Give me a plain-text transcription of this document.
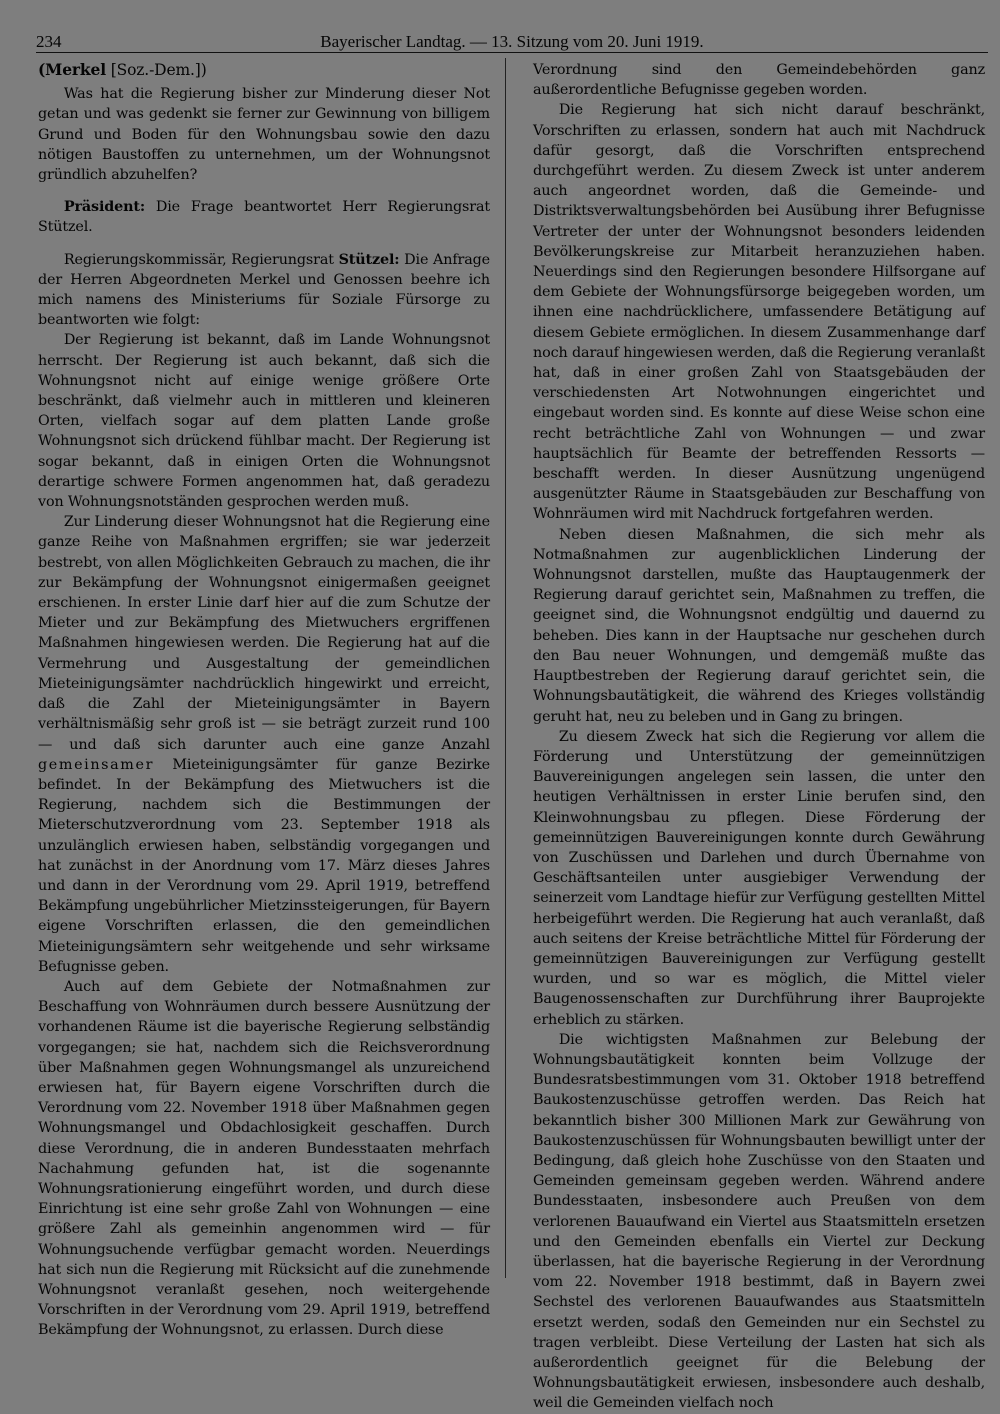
234	Bayerischer Landtag. — 13. Sitzung vom 20. Juni 1919.

(Merkel [Soz.-Dem.])

Was hat die Regierung bisher zur Minderung dieser Not getan und was gedenkt sie ferner zur Gewinnung von billigem Grund und Boden für den Wohnungsbau sowie den dazu nötigen Baustoffen zu unternehmen, um der Wohnungsnot gründlich abzuhelfen?

Präsident: Die Frage beantwortet Herr Regierungsrat Stützel.

Regierungskommissär, Regierungsrat Stützel: Die Anfrage der Herren Abgeordneten Merkel und Genossen beehre ich mich namens des Ministeriums für Soziale Fürsorge zu beantworten wie folgt:

Der Regierung ist bekannt, daß im Lande Wohnungsnot herrscht. Der Regierung ist auch bekannt, daß sich die Wohnungsnot nicht auf einige wenige größere Orte beschränkt, daß vielmehr auch in mittleren und kleineren Orten, vielfach sogar auf dem platten Lande große Wohnungsnot sich drückend fühlbar macht. Der Regierung ist sogar bekannt, daß in einigen Orten die Wohnungsnot derartige schwere Formen angenommen hat, daß geradezu von Wohnungsnotständen gesprochen werden muß.

Zur Linderung dieser Wohnungsnot hat die Regierung eine ganze Reihe von Maßnahmen ergriffen; sie war jederzeit bestrebt, von allen Möglichkeiten Gebrauch zu machen, die ihr zur Bekämpfung der Wohnungsnot einigermaßen geeignet erschienen. In erster Linie darf hier auf die zum Schutze der Mieter und zur Bekämpfung des Mietwuchers ergriffenen Maßnahmen hingewiesen werden. Die Regierung hat auf die Vermehrung und Ausgestaltung der gemeindlichen Mieteinigungsämter nachdrücklich hingewirkt und erreicht, daß die Zahl der Mieteinigungsämter in Bayern verhältnismäßig sehr groß ist — sie beträgt zurzeit rund 100 — und daß sich darunter auch eine ganze Anzahl gemeinsamer Mieteinigungsämter für ganze Bezirke befindet. In der Bekämpfung des Mietwuchers ist die Regierung, nachdem sich die Bestimmungen der Mieterschutzverordnung vom 23. September 1918 als unzulänglich erwiesen haben, selbständig vorgegangen und hat zunächst in der Anordnung vom 17. März dieses Jahres und dann in der Verordnung vom 29. April 1919, betreffend Bekämpfung ungebührlicher Mietzinssteigerungen, für Bayern eigene Vorschriften erlassen, die den gemeindlichen Mieteinigungsämtern sehr weitgehende und sehr wirksame Befugnisse geben.

Auch auf dem Gebiete der Notmaßnahmen zur Beschaffung von Wohnräumen durch bessere Ausnützung der vorhandenen Räume ist die bayerische Regierung selbständig vorgegangen; sie hat, nachdem sich die Reichsverordnung über Maßnahmen gegen Wohnungsmangel als unzureichend erwiesen hat, für Bayern eigene Vorschriften durch die Verordnung vom 22. November 1918 über Maßnahmen gegen Wohnungsmangel und Obdachlosigkeit geschaffen. Durch diese Verordnung, die in anderen Bundesstaaten mehrfach Nachahmung gefunden hat, ist die sogenannte Wohnungsrationierung eingeführt worden, und durch diese Einrichtung ist eine sehr große Zahl von Wohnungen — eine größere Zahl als gemeinhin angenommen wird — für Wohnungsuchende verfügbar gemacht worden. Neuerdings hat sich nun die Regierung mit Rücksicht auf die zunehmende Wohnungsnot veranlaßt gesehen, noch weitergehende Vorschriften in der Verordnung vom 29. April 1919, betreffend Bekämpfung der Wohnungsnot, zu erlassen. Durch diese

Verordnung sind den Gemeindebehörden ganz außerordentliche Befugnisse gegeben worden.

Die Regierung hat sich nicht darauf beschränkt, Vorschriften zu erlassen, sondern hat auch mit Nachdruck dafür gesorgt, daß die Vorschriften entsprechend durchgeführt werden. Zu diesem Zweck ist unter anderem auch angeordnet worden, daß die Gemeinde- und Distriktsverwaltungsbehörden bei Ausübung ihrer Befugnisse Vertreter der unter der Wohnungsnot besonders leidenden Bevölkerungskreise zur Mitarbeit heranzuziehen haben. Neuerdings sind den Regierungen besondere Hilfsorgane auf dem Gebiete der Wohnungsfürsorge beigegeben worden, um ihnen eine nachdrücklichere, umfassendere Betätigung auf diesem Gebiete ermöglichen. In diesem Zusammenhange darf noch darauf hingewiesen werden, daß die Regierung veranlaßt hat, daß in einer großen Zahl von Staatsgebäuden der verschiedensten Art Notwohnungen eingerichtet und eingebaut worden sind. Es konnte auf diese Weise schon eine recht beträchtliche Zahl von Wohnungen — und zwar hauptsächlich für Beamte der betreffenden Ressorts — beschafft werden. In dieser Ausnützung ungenügend ausgenützter Räume in Staatsgebäuden zur Beschaffung von Wohnräumen wird mit Nachdruck fortgefahren werden.

Neben diesen Maßnahmen, die sich mehr als Notmaßnahmen zur augenblicklichen Linderung der Wohnungsnot darstellen, mußte das Hauptaugenmerk der Regierung darauf gerichtet sein, Maßnahmen zu treffen, die geeignet sind, die Wohnungsnot endgültig und dauernd zu beheben. Dies kann in der Hauptsache nur geschehen durch den Bau neuer Wohnungen, und demgemäß mußte das Hauptbestreben der Regierung darauf gerichtet sein, die Wohnungsbautätigkeit, die während des Krieges vollständig geruht hat, neu zu beleben und in Gang zu bringen.

Zu diesem Zweck hat sich die Regierung vor allem die Förderung und Unterstützung der gemeinnützigen Bauvereinigungen angelegen sein lassen, die unter den heutigen Verhältnissen in erster Linie berufen sind, den Kleinwohnungsbau zu pflegen. Diese Förderung der gemeinnützigen Bauvereinigungen konnte durch Gewährung von Zuschüssen und Darlehen und durch Übernahme von Geschäftsanteilen unter ausgiebiger Verwendung der seinerzeit vom Landtage hiefür zur Verfügung gestellten Mittel herbeigeführt werden. Die Regierung hat auch veranlaßt, daß auch seitens der Kreise beträchtliche Mittel für Förderung der gemeinnützigen Bauvereinigungen zur Verfügung gestellt wurden, und so war es möglich, die Mittel vieler Baugenossenschaften zur Durchführung ihrer Bauprojekte erheblich zu stärken.

Die wichtigsten Maßnahmen zur Belebung der Wohnungsbautätigkeit konnten beim Vollzuge der Bundesratsbestimmungen vom 31. Oktober 1918 betreffend Baukostenzuschüsse getroffen werden. Das Reich hat bekanntlich bisher 300 Millionen Mark zur Gewährung von Baukostenzuschüssen für Wohnungsbauten bewilligt unter der Bedingung, daß gleich hohe Zuschüsse von den Staaten und Gemeinden gemeinsam gegeben werden. Während andere Bundesstaaten, insbesondere auch Preußen von dem verlorenen Bauaufwand ein Viertel aus Staatsmitteln ersetzen und den Gemeinden ebenfalls ein Viertel zur Deckung überlassen, hat die bayerische Regierung in der Verordnung vom 22. November 1918 bestimmt, daß in Bayern zwei Sechstel des verlorenen Bauaufwandes aus Staatsmitteln ersetzt werden, sodaß den Gemeinden nur ein Sechstel zu tragen verbleibt. Diese Verteilung der Lasten hat sich als außerordentlich geeignet für die Belebung der Wohnungsbautätigkeit erwiesen, insbesondere auch deshalb, weil die Gemeinden vielfach noch
